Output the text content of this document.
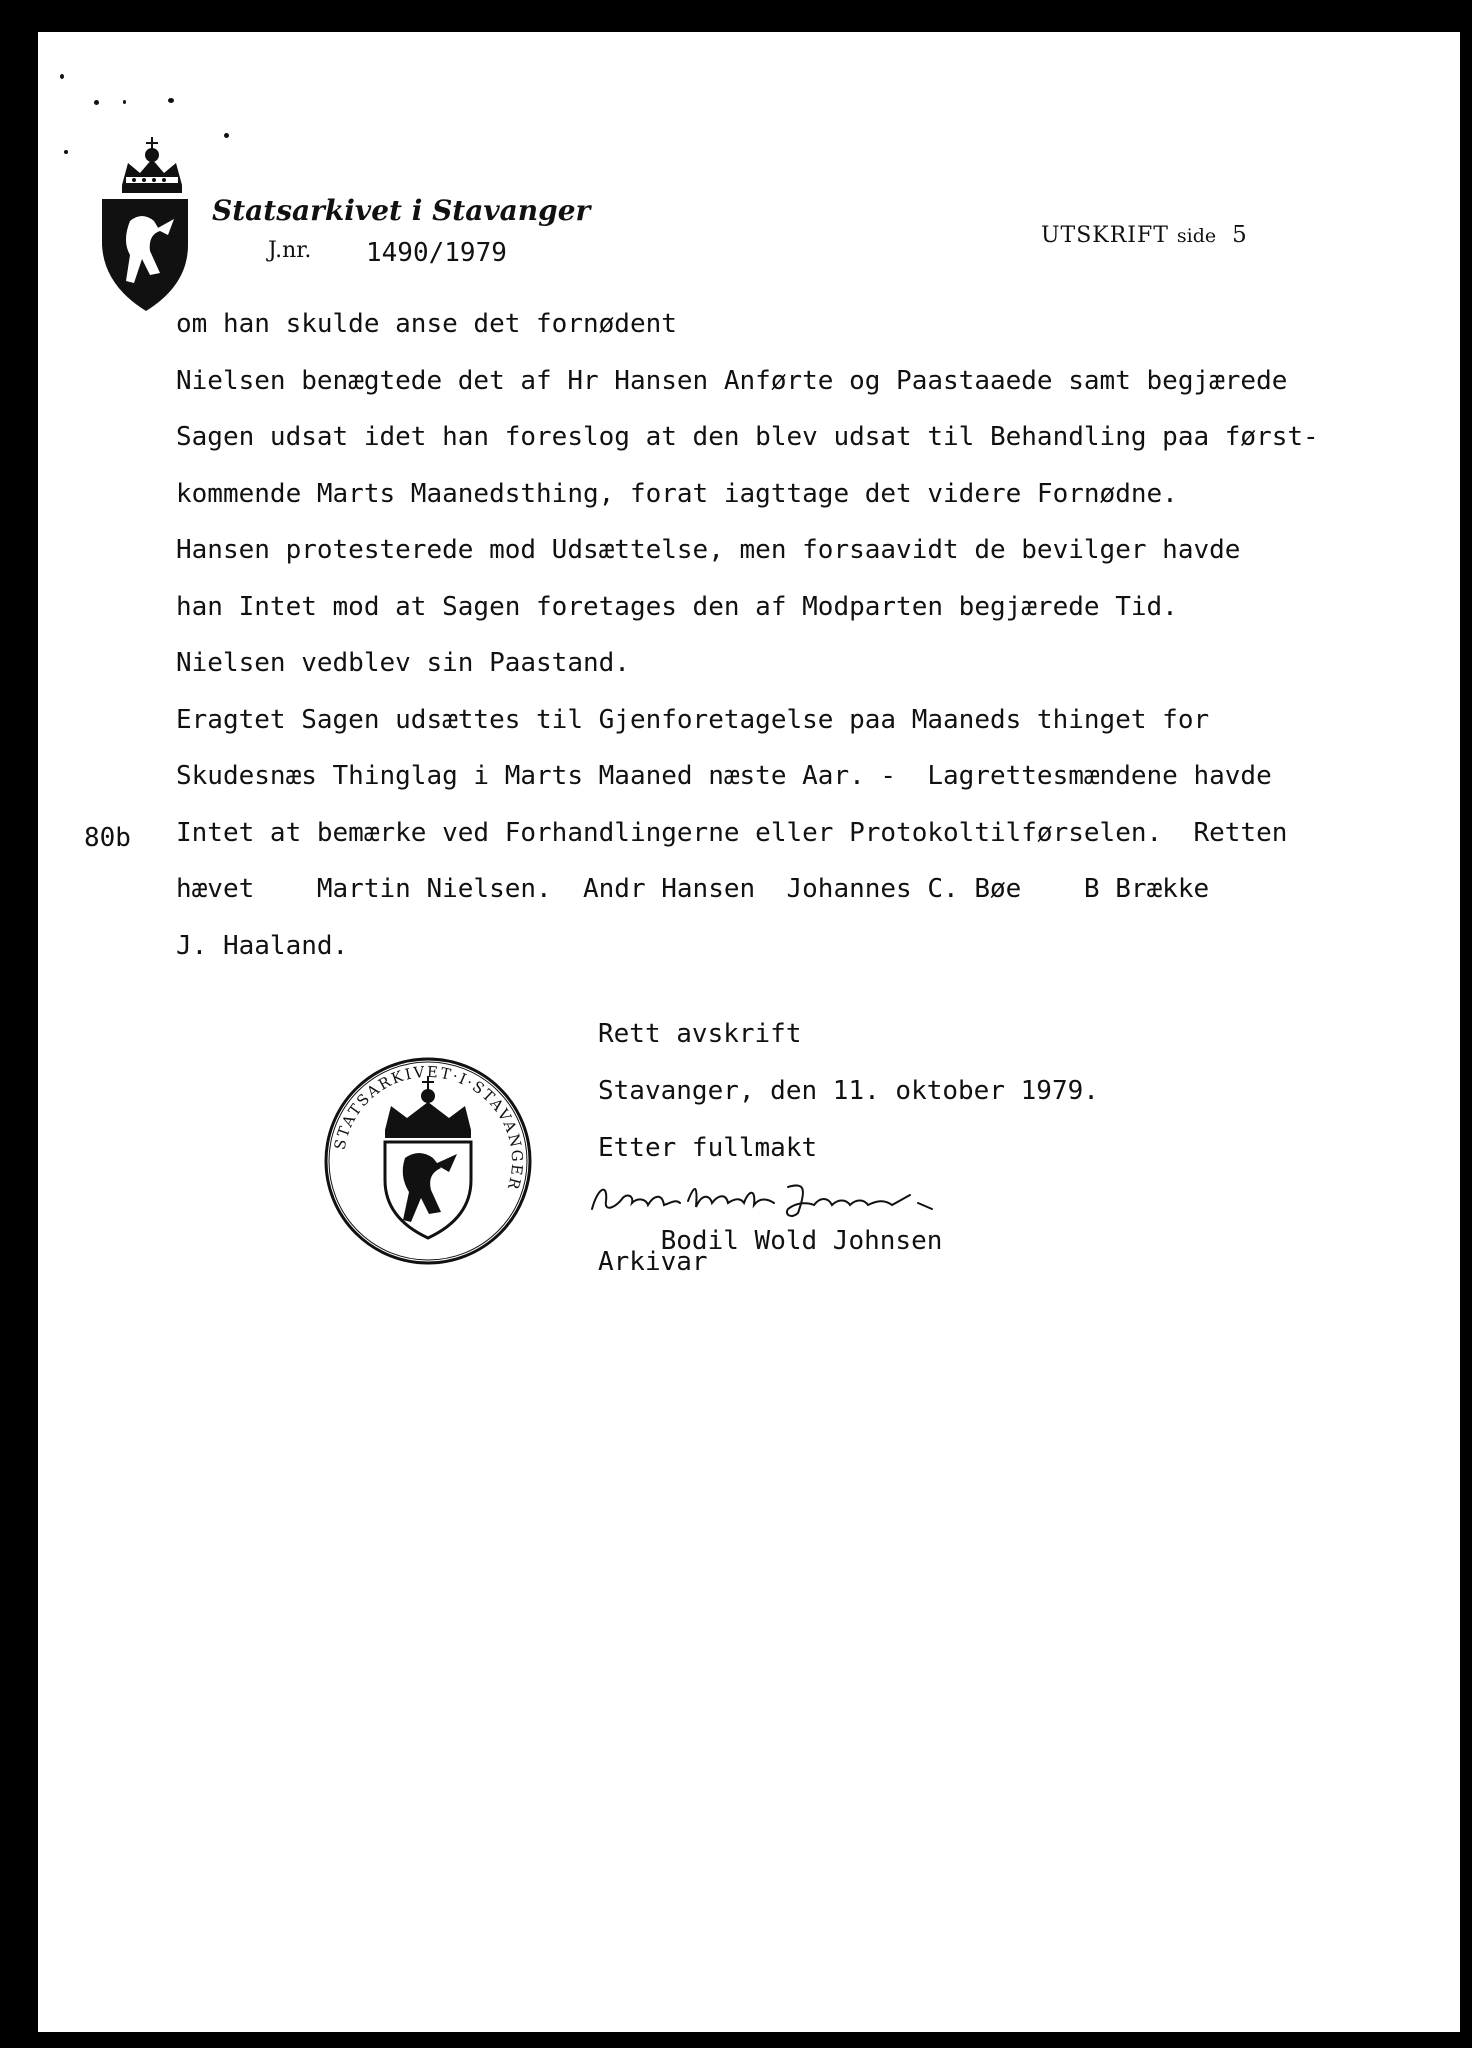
Statsarkivet i Stavanger
J.nr. 1490/1979
UTSKRIFT side 5
om han skulde anse det fornødent
Nielsen benægtede det af Hr Hansen Anførte og Paastaaede samt begjærede
Sagen udsat idet han foreslog at den blev udsat til Behandling paa først-
kommende Marts Maanedsthing, forat iagttage det videre Fornødne.
Hansen protesterede mod Udsættelse, men forsaavidt de bevilger havde
han Intet mod at Sagen foretages den af Modparten begjærede Tid.
Nielsen vedblev sin Paastand.
Eragtet Sagen udsættes til Gjenforetagelse paa Maaneds thinget for
Skudesnæs Thinglag i Marts Maaned næste Aar. -  Lagrettesmændene havde
Intet at bemærke ved Forhandlingerne eller Protokoltilførselen.  Retten
hævet    Martin Nielsen.  Andr Hansen  Johannes C. Bøe    B Brække
J. Haaland.
80b
STATSARKIVET·I·STAVANGER
Rett avskrift
Stavanger, den 11. oktober 1979.
Etter fullmakt

Bodil Wold Johnsen

Arkivar
